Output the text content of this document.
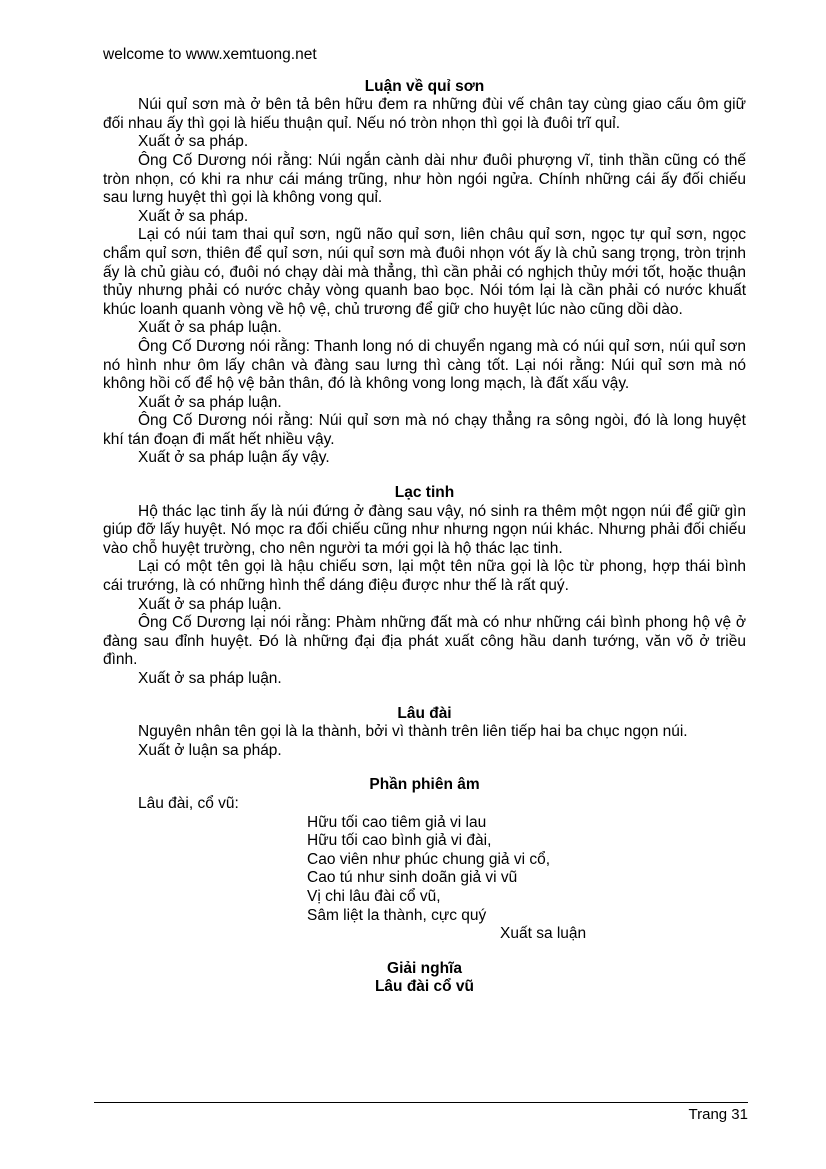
welcome to www.xemtuong.net
Luận về quỉ sơn
Núi quỉ sơn mà ở bên tả bên hữu đem ra những đùi vế chân tay cùng giao cấu ôm giữ đối nhau ấy thì gọi là hiếu thuận quỉ. Nếu nó tròn nhọn thì gọi là đuôi trĩ quỉ.
Xuất ở sa pháp.
Ông Cố Dương nói rằng: Núi ngắn cành dài như đuôi phượng vĩ, tinh thần cũng có thế tròn nhọn, có khi ra như cái máng trũng, như hòn ngói ngửa. Chính những cái ấy đối chiếu sau lưng huyệt thì gọi là không vong quỉ.
Xuất ở sa pháp.
Lại có núi tam thai quỉ sơn, ngũ não quỉ sơn, liên châu quỉ sơn, ngọc tự quỉ sơn, ngọc chẩm quỉ sơn, thiên để quỉ sơn, núi quỉ sơn mà đuôi nhọn vót ấy là chủ sang trọng, tròn trịnh ấy là chủ giàu có, đuôi nó chạy dài mà thẳng, thì cần phải có nghịch thủy mới tốt, hoặc thuận thủy nhưng phải có nước chảy vòng quanh bao bọc. Nói tóm lại là cần phải có nước khuất khúc loanh quanh vòng về hộ vệ, chủ trương để giữ cho huyệt lúc nào cũng dồi dào.
Xuất ở sa pháp luận.
Ông Cố Dương nói rằng: Thanh long nó di chuyển ngang mà có núi quỉ sơn, núi quỉ sơn nó hình như ôm lấy chân và đàng sau lưng thì càng tốt. Lại nói rằng: Núi quỉ sơn mà nó không hồi cố để hộ vệ bản thân, đó là không vong long mạch, là đất xấu vậy.
Xuất ở sa pháp luận.
Ông Cố Dương nói rằng: Núi quỉ sơn mà nó chạy thẳng ra sông ngòi, đó là long huyệt khí tán đoạn đi mất hết nhiều vậy.
Xuất ở sa pháp luận ấy vậy.
Lạc tinh
Hộ thác lạc tinh ấy là núi đứng ở đàng sau vậy, nó sinh ra thêm một ngọn núi để giữ gìn giúp đỡ lấy huyệt. Nó mọc ra đối chiếu cũng như nhưng ngọn núi khác. Nhưng phải đối chiếu vào chỗ huyệt trường, cho nên người ta mới gọi là hộ thác lạc tinh.
Lại có một tên gọi là hậu chiếu sơn, lại một tên nữa gọi là lộc từ phong, hợp thái bình cái trướng, là có những hình thể dáng điệu được như thế là rất quý.
Xuất ở sa pháp luận.
Ông Cố Dương lại nói rằng: Phàm những đất mà có như những cái bình phong hộ vệ ở đàng sau đỉnh huyệt. Đó là những đại địa phát xuất công hầu danh tướng, văn võ ở triều đình.
Xuất ở sa pháp luận.
Lâu đài
Nguyên nhân tên gọi là la thành, bởi vì thành trên liên tiếp hai ba chục ngọn núi.
Xuất ở luận sa pháp.
Phần phiên âm
Lâu đài, cổ vũ:
Hữu tối cao tiêm giả vi lau
Hữu tối cao bình giả vi đài,
Cao viên như phúc chung giả vi cổ,
Cao tú như sinh doãn giả vi vũ
Vị chi lâu đài cổ vũ,
Sâm liệt la thành, cực quý
Xuất sa luận
Giải nghĩa
Lâu đài cổ vũ
Trang 31
